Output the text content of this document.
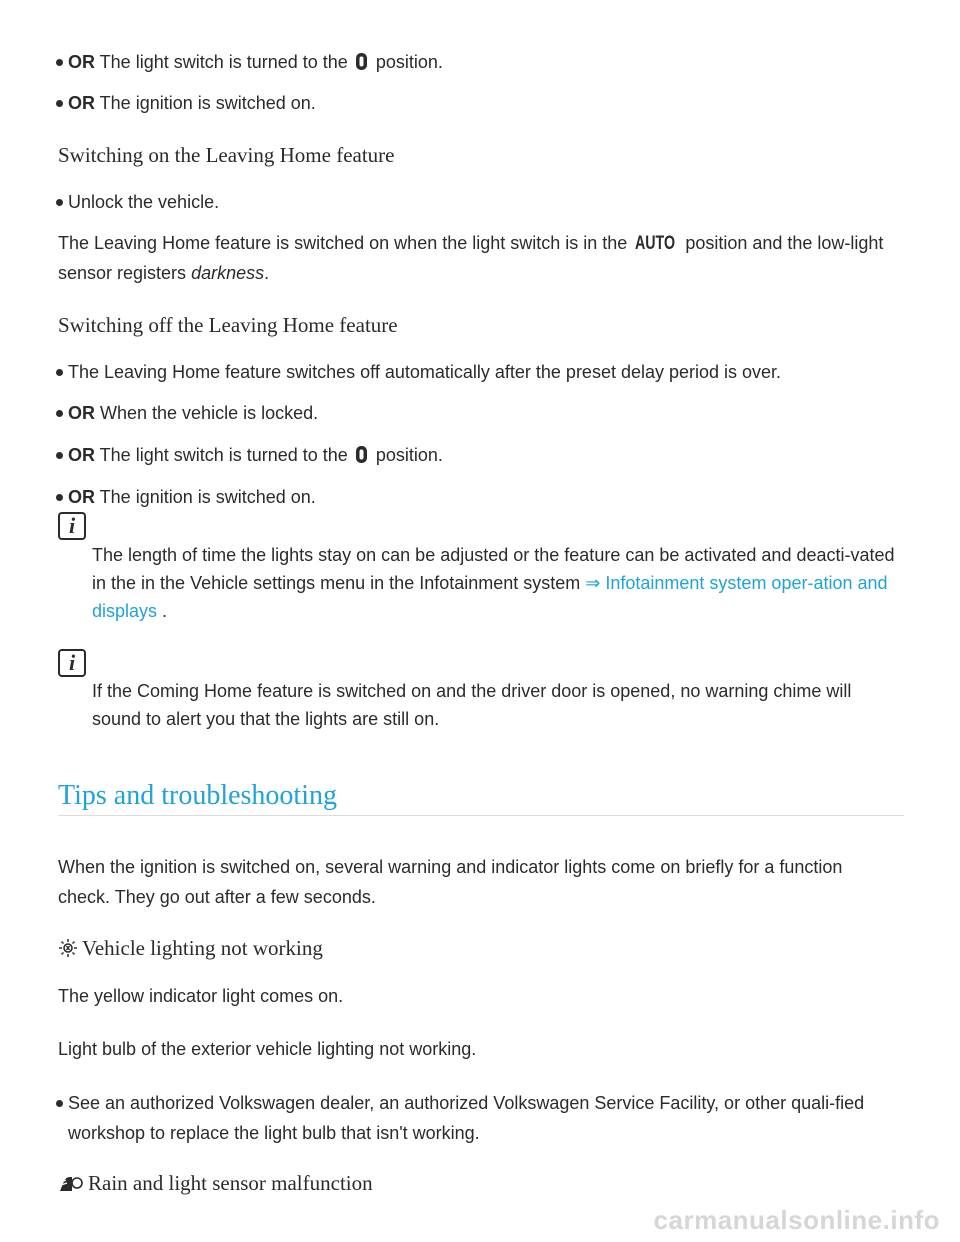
OR The light switch is turned to the  position.
OR The ignition is switched on.
Switching on the Leaving Home feature
Unlock the vehicle.
The Leaving Home feature is switched on when the light switch is in the AUTO position and the low-light sensor registers darkness.
Switching off the Leaving Home feature
The Leaving Home feature switches off automatically after the preset delay period is over.
OR When the vehicle is locked.
OR The light switch is turned to the  position.
OR The ignition is switched on.
i
The length of time the lights stay on can be adjusted or the feature can be activated and deacti-vated in the in the Vehicle settings menu in the Infotainment system ⇒ Infotainment system oper-ation and displays .
i
If the Coming Home feature is switched on and the driver door is opened, no warning chime will sound to alert you that the lights are still on.
Tips and troubleshooting
When the ignition is switched on, several warning and indicator lights come on briefly for a function check. They go out after a few seconds.
Vehicle lighting not working
The yellow indicator light comes on.
Light bulb of the exterior vehicle lighting not working.
See an authorized Volkswagen dealer, an authorized Volkswagen Service Facility, or other quali-fied workshop to replace the light bulb that isn't working.
Rain and light sensor malfunction
carmanualsonline.info
